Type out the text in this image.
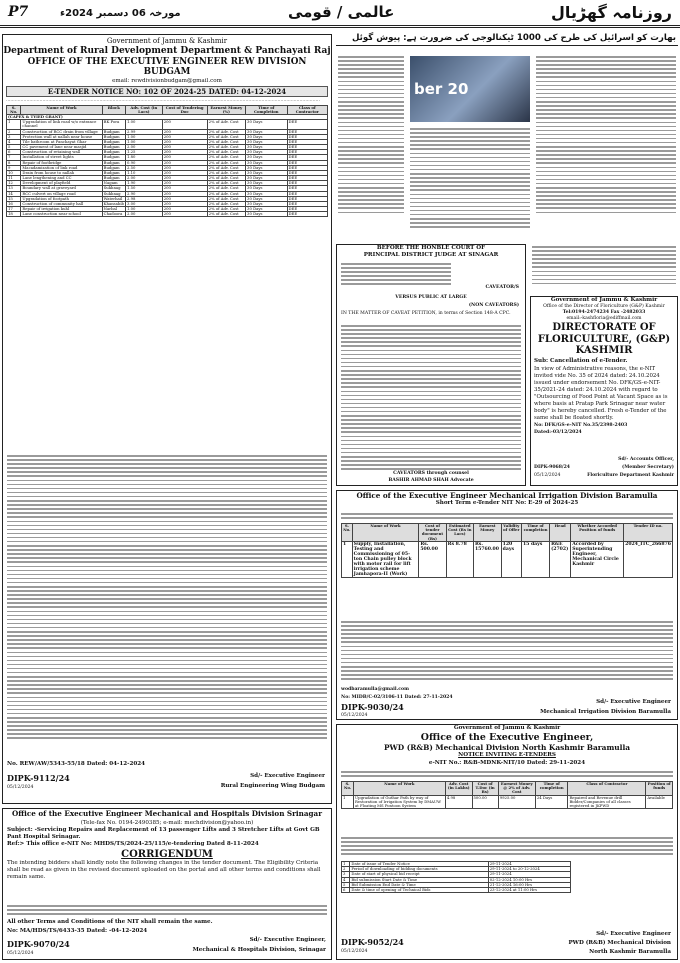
P7	مورخہ 06 دسمبر 2024ء	عالمی / قومی	روزنامہ گھڑیال
Government of Jammu & Kashmir
Department of Rural Development Department & Panchayati Raj
OFFICE OF THE EXECUTIVE ENGINEER REW DIVISION BUDGAM
email: rewdivisionbudgam@gmail.com
E-TENDER NOTICE NO: 102 OF 2024-25 DATED: 04-12-2024
.......................................................................................................................................................................................................................
S. No.	Name of Work	Block	Adv. Cost (in Lacs)	Cost of Tendering Doc	Earnest Money (%)	Time of Completion	Class of Contractor
(CAPEX & TYIED GRANT)							
1	Upgradation of link road w/o entrance channel	BK Pora	1.00	200	2% of Adv. Cost	30 Days	DEE
2	Construction of RCC drain from village	Budgam	2.99	200	2% of Adv. Cost	30 Days	DEE
3	Protection wall at nallah near house	Budgam	1.00	200	2% of Adv. Cost	30 Days	DEE
4	Tile bathroom at Panchayat Ghar	Budgam	1.00	200	2% of Adv. Cost	30 Days	DEE
5	CC pavement of lane near masjid	Budgam	2.00	200	2% of Adv. Cost	30 Days	DEE
6	Construction of retaining wall	Budgam	1.25	200	2% of Adv. Cost	30 Days	DEE
7	Installation of street lights	Budgam	1.80	200	2% of Adv. Cost	30 Days	DEE
8	Repair of footbridge	Budgam	0.90	200	2% of Adv. Cost	30 Days	DEE
9	Macadamization of link road	Budgam	2.50	200	2% of Adv. Cost	30 Days	DEE
10	Drain from house to nallah	Budgam	1.10	200	2% of Adv. Cost	30 Days	DEE
11	Lane lengthening and CC	Budgam	2.00	200	2% of Adv. Cost	30 Days	DEE
12	Development of playfield	Nagam	1.90	200	2% of Adv. Cost	30 Days	DEE
13	Boundary wall at graveyard	Sukhnag	1.50	200	2% of Adv. Cost	30 Days	DEE
14	RCC culvert on village road	Sukhnag	2.90	200	2% of Adv. Cost	30 Days	DEE
15	Upgradation of footpath	Waterhail	2.98	200	2% of Adv. Cost	30 Days	DEE
16	Construction of community hall	Khansahib	3.00	200	2% of Adv. Cost	30 Days	DEE
17	Repair of irrigation kuhl	Narbal	1.00	200	2% of Adv. Cost	30 Days	DEE
18	Lane construction near school	Chadoora	2.00	200	2% of Adv. Cost	30 Days	DEE
No. REW/AW/5343-55/18 Dated: 04-12-2024
DIPK-9112/24
05/12/2024
Sd/- Executive Engineer
Rural Engineering Wing Budgam
Office of the Executive Engineer Mechanical and Hospitals Division Srinagar
(Tele-fax No. 0194-2490385; e-mail: mechdivision@yahoo.in)
Subject: -Servicing Repairs and Replacement of 13 passenger Lifts and 3 Stretcher Lifts at Govt GB Pant Hospital Srinagar.
Ref:> This office e-NIT No: MHDS/TS/2024-25/115/e-tendering Dated 8-11-2024
CORRIGENDUM
The intending bidders shall kindly note the following changes in the tender document. The Eligibility Criteria shall be read as given in the revised document uploaded on the portal and all other terms and conditions shall remain same.
All other Terms and Conditions of the NIT shall remain the same.
No: MA/HDS/TS/6433-35 Dated: -04-12-2024
DIPK-9070/24
05/12/2024
Sd/- Executive Engineer,
Mechanical & Hospitals Division, Srinagar
بھارت کو اسرائیل کی طرح کی 1000 ٹیکنالوجی کی ضرورت ہے: پیوش گوئل
ber 20
BEFORE THE HONBLE COURT OF
PRINCIPAL DISTRICT JUDGE AT SINAGAR
CAVEATOR/S
VERSUS PUBLIC AT LARGE
(NON CAVEATORS)
IN THE MATTER OF CAVEAT PETITION, in terms of Section 148-A CPC.
CAVEATORS through counsel
BASHIR AHMAD SHAH Advocate
Government of Jammu & Kashmir
Office of the Director of Floriculture (G&P) Kashmir
Tel:0194-2474234 Fax -2482033
email:-kashfloria@ediffmail.com
DIRECTORATE OF FLORICULTURE, (G&P) KASHMIR
Sub: Cancellation of e-Tender.
In view of Administrative reasons, the e-NIT invited vide No. 35 of 2024 dated: 24.10.2024 issued under endorsement No. DFK/GS-e-NIT-35/2021-24 dated: 24.10.2024 with regard to "Outsourcing of Food Point at Vacant Space as is where basis at Pratap Park Srinagar near water body" is hereby cancelled. Fresh e-Tender of the same shall be floated shortly.
No: DFK/GS-e-NIT No.35/2398-2403
Dated:-03/12/2024
DIPK-9068/24
05/12/2024
Sd/- Accounts Officer,
(Member Secretary)
Floriculture Department Kashmir
Office of the Executive Engineer Mechanical Irrigation Division Baramulla
Short Term e-Tender NIT No: E-29 of 2024-25
S. No.	Name of Work	Cost of tender document (Rs)	Estimated Cost (Rs in Lacs)	Earnest Money	Validity of Offer	Time of completion	Head	Whether Accorded Position of funds	Tender ID no.
1	Supply, Installation, Testing and Commissioning of 05-ton Chain pulley block with motor rail for lift irrigation scheme Jamhapora-II (Work)	Rs. 500.00	Rs 8.78	Rs. 15760.00	120 days	15 days	R&E (2702)	Accorded by Superintending Engineer, Mechanical Circle Kashmir	2024_ITC_266876
wodbaramulla@gmail.com
No: MIDB/C-02/3106-11 Dated: 27-11-2024
DIPK-9030/24
05/12/2024
Sd/- Executive Engineer
Mechanical Irrigation Division Baramulla
Government of Jammu & Kashmir
Office of the Executive Engineer,
PWD (R&B) Mechanical Division North Kashmir Baramulla
NOTICE INVITING E-TENDERS
e-NIT No.: R&B-MDNK-NIT/10 Dated: 29-11-2024
S. No.	Name of Work	Adv. Cost (in Lakhs)	Cost of T.Doc (in Rs)	Earnest Money @ 2% of Adv. Cost	Time of completion	Class of Contractor	Position of funds
1	Upgradation of Guthar Path by way of Restoration of Irrigation System by DMAUW at Floating MS Pontoon System	4.98	500.00	9925.00	24 Days	Repaired and Revenue drill Bidder/Companies of all classes registered in JKPWD	Available
1	Date of issue of Tender Notice	29-11-2024
2	Period of downloading of bidding documents	29-11-2024 to 20-12-2024
3	Date of start of physical bid receipt	29-11-2024
4	Bid submission Start Date & Time	02-12-2024 10:00 Hrs
5	Bid Submission End Date & Time	21-12-2024 16:00 Hrs
6	Date & time of opening of Technical Bids	23-12-2024 at 11:00 Hrs
DIPK-9052/24
05/12/2024
Sd/- Executive Engineer
PWD (R&B) Mechanical Division
North Kashmir Baramulla
